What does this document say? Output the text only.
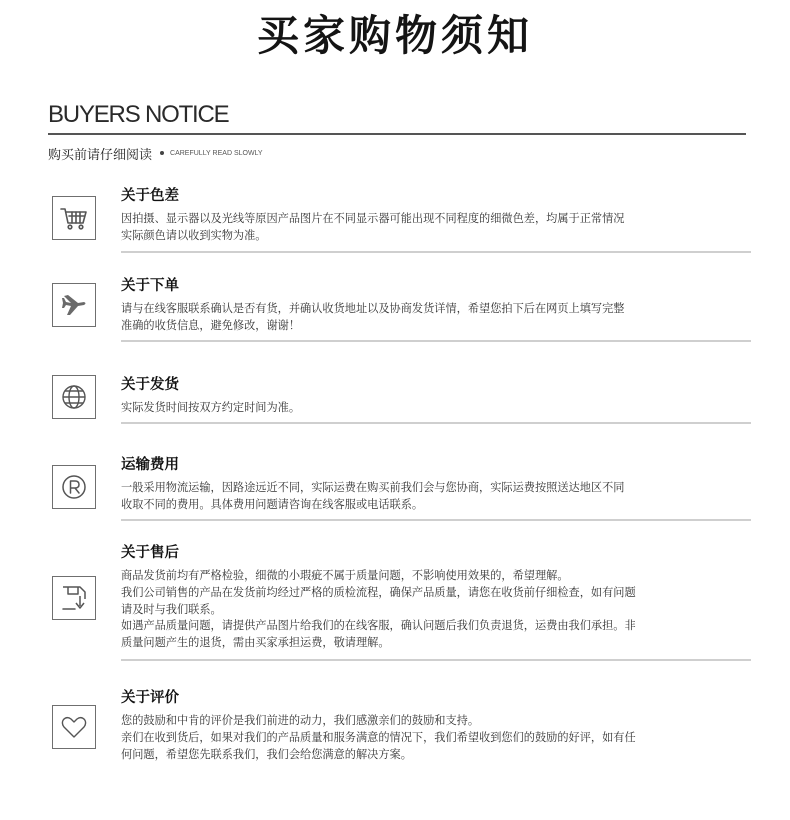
买家购物须知
BUYERS NOTICE
购买前请仔细阅读	CAREFULLY READ SLOWLY
关于色差

因拍摄、显示器以及光线等原因产品图片在不同显示器可能出现不同程度的细微色差，均属于正常情况

实际颜色请以收到实物为准。

关于下单

请与在线客服联系确认是否有货，并确认收货地址以及协商发货详情，希望您拍下后在网页上填写完整

准确的收货信息，避免修改，谢谢！

关于发货

实际发货时间按双方约定时间为准。

运输费用

一般采用物流运输，因路途远近不同，实际运费在购买前我们会与您协商，实际运费按照送达地区不同

收取不同的费用。具体费用问题请咨询在线客服或电话联系。

关于售后

商品发货前均有严格检验，细微的小瑕疵不属于质量问题，不影响使用效果的，希望理解。

我们公司销售的产品在发货前均经过严格的质检流程，确保产品质量，请您在收货前仔细检查，如有问题

请及时与我们联系。

如遇产品质量问题，请提供产品图片给我们的在线客服，确认问题后我们负责退货，运费由我们承担。非

质量问题产生的退货，需由买家承担运费，敬请理解。

关于评价

您的鼓励和中肯的评价是我们前进的动力，我们感激亲们的鼓励和支持。

亲们在收到货后，如果对我们的产品质量和服务满意的情况下，我们希望收到您们的鼓励的好评，如有任

何问题，希望您先联系我们，我们会给您满意的解决方案。
